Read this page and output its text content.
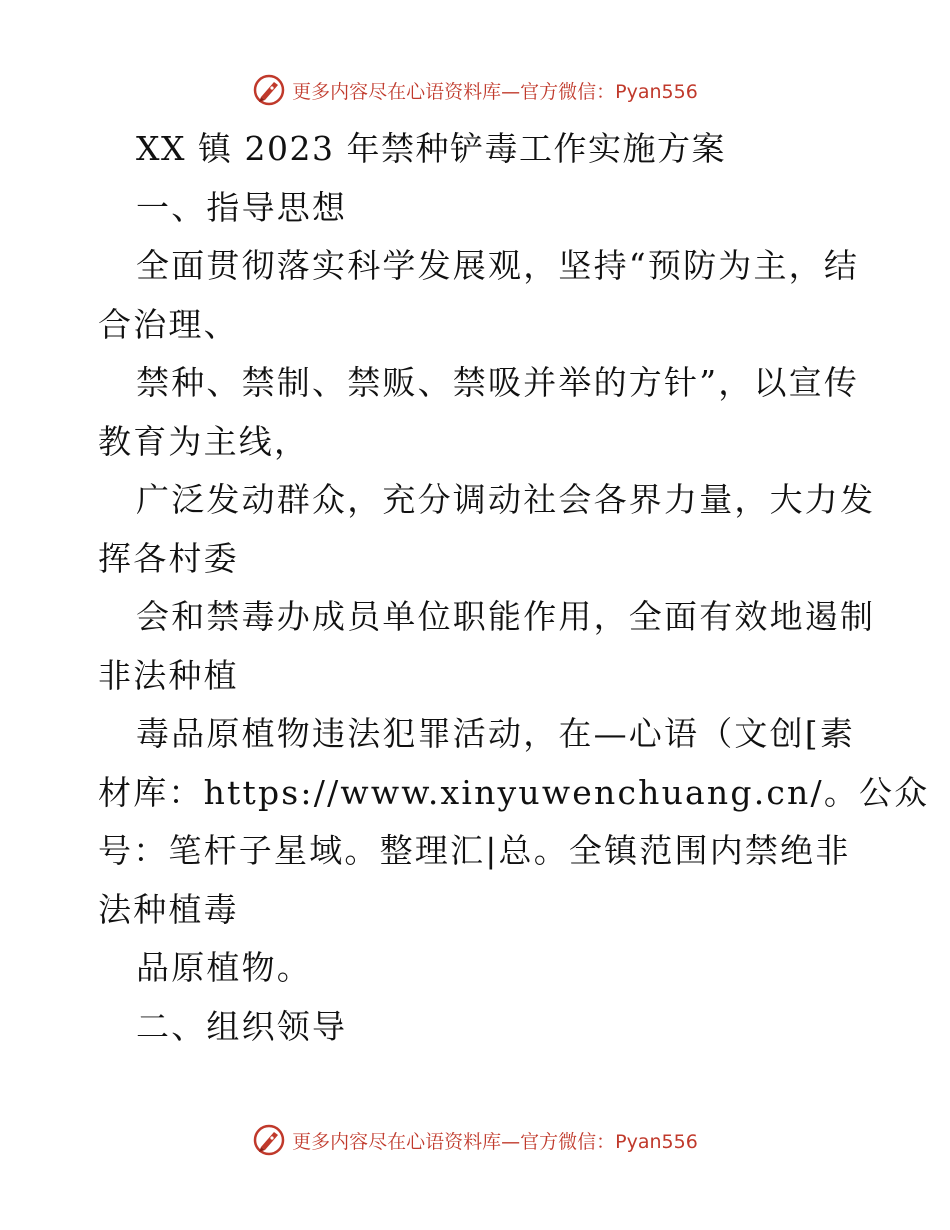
更多内容尽在心语资料库—官方微信：Pyan556
XX 镇 2023 年禁种铲毒工作实施方案
一、指导思想
全面贯彻落实科学发展观，坚持“预防为主，结
合治理、
禁种、禁制、禁贩、禁吸并举的方针”，以宣传
教育为主线，
广泛发动群众，充分调动社会各界力量，大力发
挥各村委
会和禁毒办成员单位职能作用，全面有效地遏制
非法种植
毒品原植物违法犯罪活动，在—心语（文创[素
材库：https://www.xinyuwenchuang.cn/。公众
号：笔杆子星域。整理汇|总。全镇范围内禁绝非
法种植毒
品原植物。
二、组织领导
更多内容尽在心语资料库—官方微信：Pyan556
